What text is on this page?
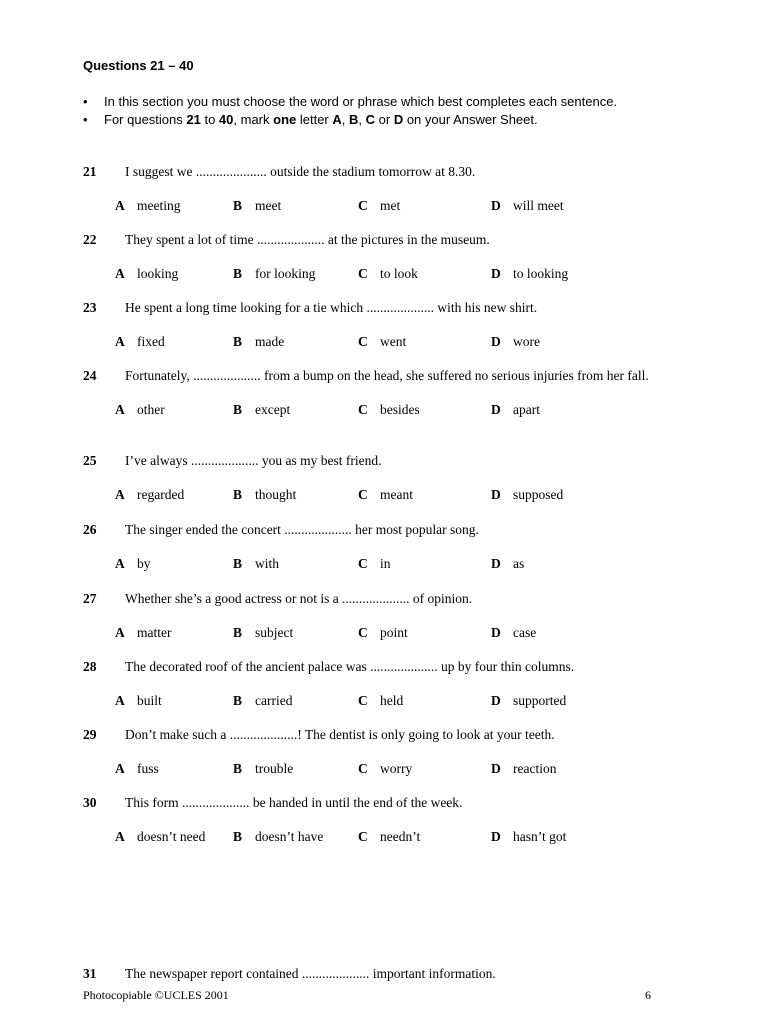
Questions 21 – 40
•	In this section you must choose the word or phrase which best completes each sentence.
•	For questions 21 to 40, mark one letter A, B, C or D on your Answer Sheet.
21	I suggest we ..................... outside the stadium tomorrow at 8.30.
A meeting	B meet	C met	D will meet
22	They spent a lot of time .................... at the pictures in the museum.
A looking	B for looking	C to look	D to looking
23	He spent a long time looking for a tie which .................... with his new shirt.
A fixed	B made	C went	D wore
24	Fortunately, .................... from a bump on the head, she suffered no serious injuries from her fall.
A other	B except	C besides	D apart
25	I’ve always .................... you as my best friend.
A regarded	B thought	C meant	D supposed
26	The singer ended the concert .................... her most popular song.
A by	B with	C in	D as
27	Whether she’s a good actress or not is a .................... of opinion.
A matter	B subject	C point	D case
28	The decorated roof of the ancient palace was .................... up by four thin columns.
A built	B carried	C held	D supported
29	Don’t make such a ....................! The dentist is only going to look at your teeth.
A fuss	B trouble	C worry	D reaction
30	This form .................... be handed in until the end of the week.
A doesn’t need B doesn’t have	C needn’t	D hasn’t got
31	The newspaper report contained .................... important information.
Photocopiable ©UCLES 2001	6
